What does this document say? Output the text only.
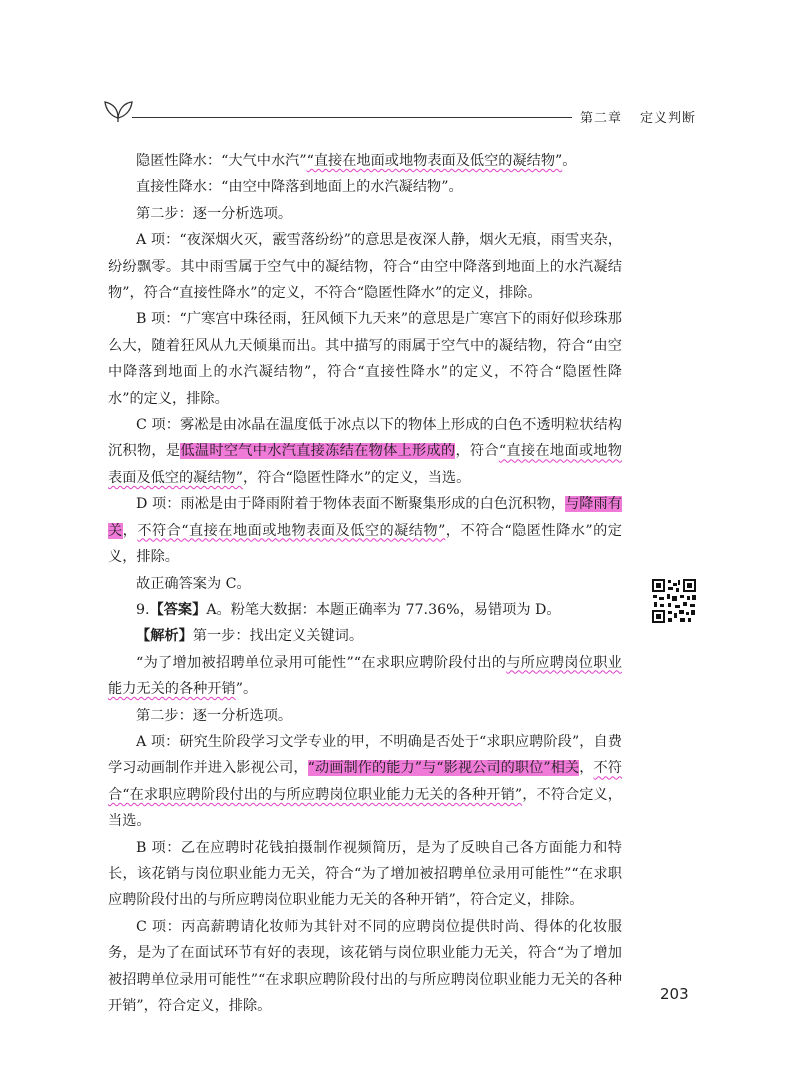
第二章 定义判断

隐匿性降水：“大气中水汽”“直接在地面或地物表面及低空的凝结物”。

直接性降水：“由空中降落到地面上的水汽凝结物”。

第二步：逐一分析选项。

A 项：“夜深烟火灭，霰雪落纷纷”的意思是夜深人静，烟火无痕，雨雪夹杂，纷纷飘零。其中雨雪属于空气中的凝结物，符合“由空中降落到地面上的水汽凝结物”，符合“直接性降水”的定义，不符合“隐匿性降水”的定义，排除。

B 项：“广寒宫中珠径雨，狂风倾下九天来”的意思是广寒宫下的雨好似珍珠那么大，随着狂风从九天倾巢而出。其中描写的雨属于空气中的凝结物，符合“由空中降落到地面上的水汽凝结物”，符合“直接性降水”的定义，不符合“隐匿性降水”的定义，排除。

C 项：雾凇是由冰晶在温度低于冰点以下的物体上形成的白色不透明粒状结构沉积物，是低温时空气中水汽直接冻结在物体上形成的，符合“直接在地面或地物表面及低空的凝结物”，符合“隐匿性降水”的定义，当选。

D 项：雨凇是由于降雨附着于物体表面不断聚集形成的白色沉积物，与降雨有关，不符合“直接在地面或地物表面及低空的凝结物”，不符合“隐匿性降水”的定义，排除。

故正确答案为 C。

9.【答案】A。粉笔大数据：本题正确率为 77.36%，易错项为 D。

【解析】第一步：找出定义关键词。

“为了增加被招聘单位录用可能性”“在求职应聘阶段付出的与所应聘岗位职业能力无关的各种开销”。

第二步：逐一分析选项。

A 项：研究生阶段学习文学专业的甲，不明确是否处于“求职应聘阶段”，自费学习动画制作并进入影视公司，“动画制作的能力”与“影视公司的职位”相关，不符合“在求职应聘阶段付出的与所应聘岗位职业能力无关的各种开销”，不符合定义，当选。

B 项：乙在应聘时花钱拍摄制作视频简历，是为了反映自己各方面能力和特长，该花销与岗位职业能力无关，符合“为了增加被招聘单位录用可能性”“在求职应聘阶段付出的与所应聘岗位职业能力无关的各种开销”，符合定义，排除。

C 项：丙高薪聘请化妆师为其针对不同的应聘岗位提供时尚、得体的化妆服务，是为了在面试环节有好的表现，该花销与岗位职业能力无关，符合“为了增加被招聘单位录用可能性”“在求职应聘阶段付出的与所应聘岗位职业能力无关的各种开销”，符合定义，排除。

203
